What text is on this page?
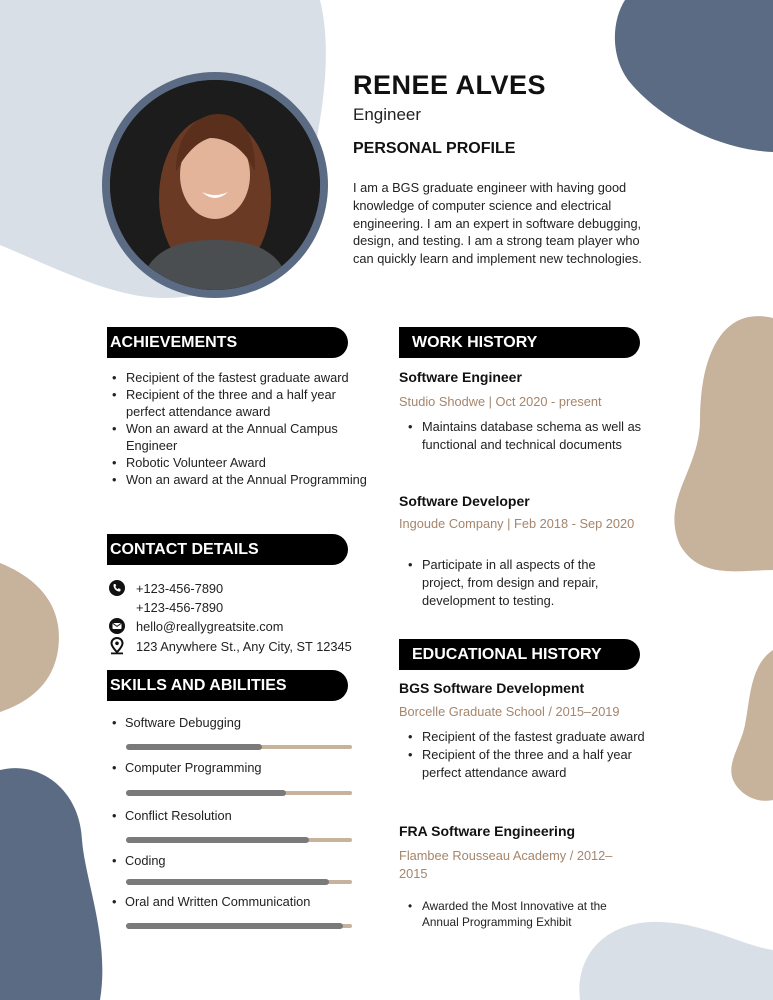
RENEE ALVES
Engineer
PERSONAL PROFILE
I am a BGS graduate engineer with having good knowledge of computer science and electrical engineering. I am an expert in software debugging, design, and testing. I am a strong team player who can quickly learn and implement new technologies.
ACHIEVEMENTS
• Recipient of the fastest graduate award
• Recipient of the three and a half year perfect attendance award
• Won an award at the Annual Campus Engineer
• Robotic Volunteer Award
• Won an award at the Annual Programming
CONTACT DETAILS
+123-456-7890
+123-456-7890
hello@reallygreatsite.com
123 Anywhere St., Any City, ST 12345
SKILLS AND ABILITIES
• Software Debugging
• Computer Programming
• Conflict Resolution
• Coding
• Oral and Written Communication
WORK HISTORY
Software Engineer
Studio Shodwe | Oct 2020 - present
• Maintains database schema as well as functional and technical documents
Software Developer
Ingoude Company | Feb 2018 - Sep 2020
• Participate in all aspects of the project, from design and repair, development to testing.
EDUCATIONAL HISTORY
BGS Software Development
Borcelle Graduate School / 2015–2019
• Recipient of the fastest graduate award
• Recipient of the three and a half year perfect attendance award
FRA Software Engineering
Flambee Rousseau Academy / 2012–2015
• Awarded the Most Innovative at the Annual Programming Exhibit
